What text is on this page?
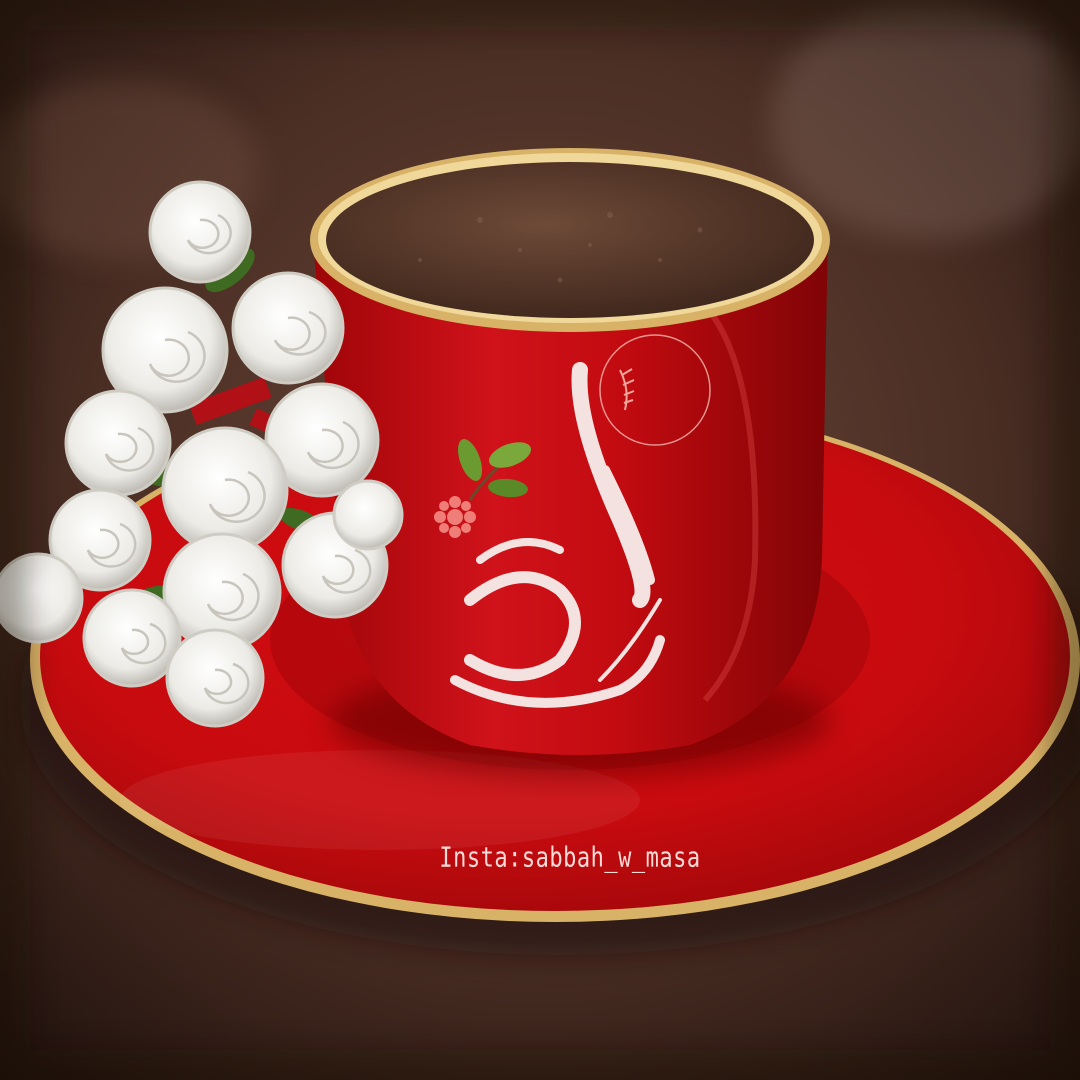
Insta:sabbah_w_masa
